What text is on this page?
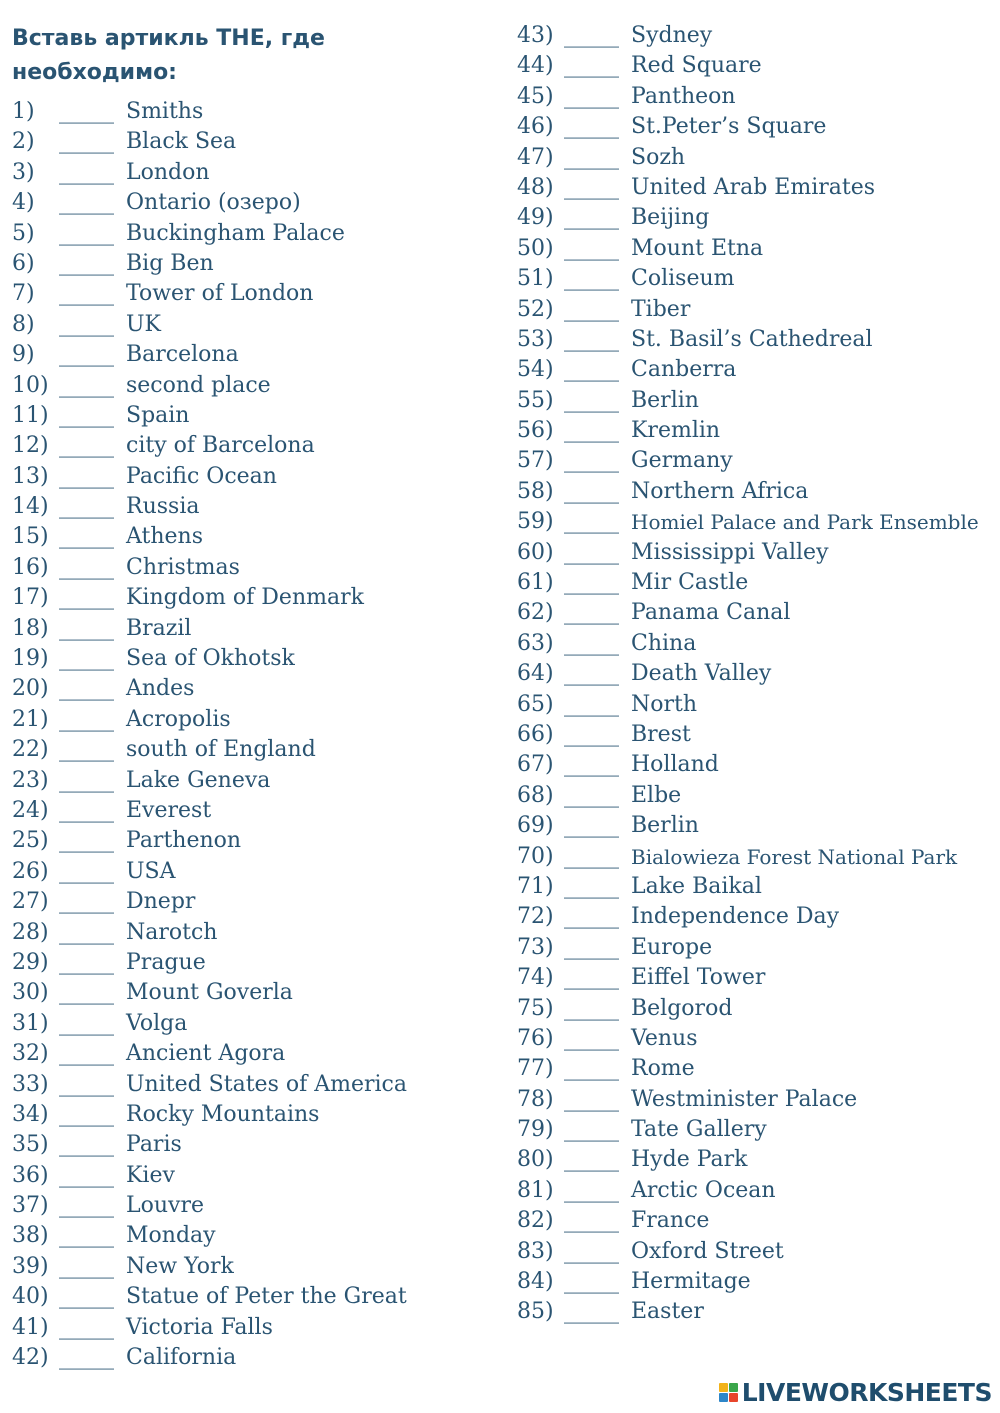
Вставь артикль THE, где необходимо:
1)	_____ Smiths
2)	_____ Black Sea
3)	_____ London
4)	_____ Ontario (озеро)
5)	_____ Buckingham Palace
6)	_____ Big Ben
7)	_____ Tower of London
8)	_____ UK
9)	_____ Barcelona
10) _____ second place
11) _____ Spain
12) _____ city of Barcelona
13) _____ Pacific Ocean
14) _____ Russia
15) _____ Athens
16) _____ Christmas
17) _____ Kingdom of Denmark
18) _____ Brazil
19) _____ Sea of Okhotsk
20) _____ Andes
21) _____ Acropolis
22) _____ south of England
23) _____ Lake Geneva
24) _____ Everest
25) _____ Parthenon
26) _____ USA
27) _____ Dnepr
28) _____ Narotch
29) _____ Prague
30) _____ Mount Goverla
31) _____ Volga
32) _____ Ancient Agora
33) _____ United States of America
34) _____ Rocky Mountains
35) _____ Paris
36) _____ Kiev
37) _____ Louvre
38) _____ Monday
39) _____ New York
40) _____ Statue of Peter the Great
41) _____ Victoria Falls
42) _____ California
43) _____ Sydney
44) _____ Red Square
45) _____ Pantheon
46) _____ St.Peter’s Square
47) _____ Sozh
48) _____ United Arab Emirates
49) _____ Beijing
50) _____ Mount Etna
51) _____ Coliseum
52) _____ Tiber
53) _____ St. Basil’s Cathedreal
54) _____ Canberra
55) _____ Berlin
56) _____ Kremlin
57) _____ Germany
58) _____ Northern Africa
59) _____ Homiel Palace and Park Ensemble
60) _____ Mississippi Valley
61) _____ Mir Castle
62) _____ Panama Canal
63) _____ China
64) _____ Death Valley
65) _____ North
66) _____ Brest
67) _____ Holland
68) _____ Elbe
69) _____ Berlin
70) _____ Bialowieza Forest National Park
71) _____ Lake Baikal
72) _____ Independence Day
73) _____ Europe
74) _____ Eiffel Tower
75) _____ Belgorod
76) _____ Venus
77) _____ Rome
78) _____ Westminister Palace
79) _____ Tate Gallery
80) _____ Hyde Park
81) _____ Arctic Ocean
82) _____ France
83) _____ Oxford Street
84) _____ Hermitage
85) _____ Easter
LIVEWORKSHEETS
